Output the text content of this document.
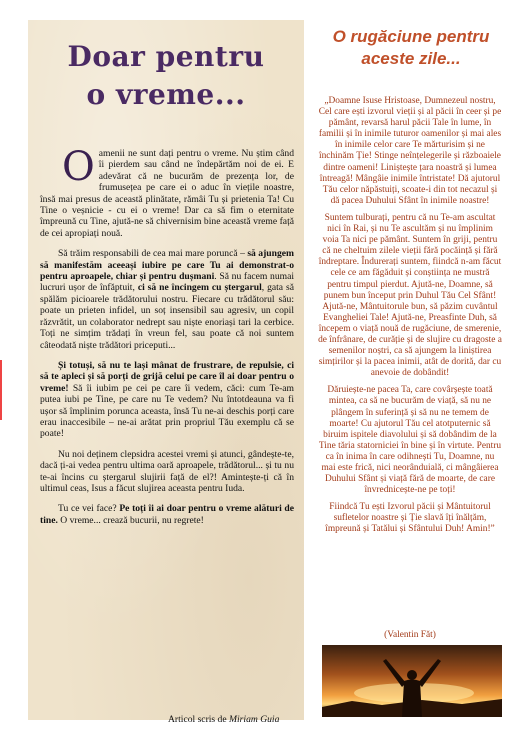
Doar pentru
o vreme...

Oamenii ne sunt dați pentru o vreme. Nu știm când îi pierdem sau când ne îndepărtăm noi de ei. E adevărat că ne bucurăm de prezența lor, de frumusețea pe care ei o aduc în viețile noastre, însă mai presus de această plinătate, rămâi Tu și prietenia Ta! Cu Tine o veșnicie - cu ei o vreme! Dar ca să fim o eternitate împreună cu Tine, ajută-ne să chivernisim bine această vreme față de cei apropiați nouă.

Să trăim responsabili de cea mai mare poruncă – să ajungem să manifestăm aceeași iubire pe care Tu ai demonstrat-o pentru aproapele, chiar și pentru dușmani. Să nu facem numai lucruri ușor de înfăptuit, ci să ne încingem cu ștergarul, gata să spălăm picioarele trădătorului nostru. Fiecare cu trădătorul său: poate un prieten infidel, un soț insensibil sau agresiv, un copil răzvrătit, un colaborator nedrept sau niște enoriași tari la cerbice. Toți ne simțim trădați în vreun fel, sau poate că noi suntem câteodată niște trădători priceputi...

Și totuși, să nu te lași mânat de frustrare, de repulsie, ci să te apleci și să porți de grijă celui pe care îl ai doar pentru o vreme! Să îi iubim pe cei pe care îi vedem, căci: cum Te-am putea iubi pe Tine, pe care nu Te vedem? Nu întotdeauna va fi ușor să împlinim porunca aceasta, însă Tu ne-ai deschis porți care erau inaccesibile – ne-ai arătat prin propriul Tău exemplu că se poate!

Nu noi deținem clepsidra acestei vremi și atunci, gândește-te, dacă ți-ai vedea pentru ultima oară aproapele, trădătorul... și tu nu te-ai încins cu ștergarul slujirii față de el?! Amintește-ți că în ultimul ceas, Isus a făcut slujirea aceasta pentru Iuda.

Tu ce vei face? Pe toți îi ai doar pentru o vreme alături de tine. O vreme... crează bucurii, nu regrete!

Articol scris de Miriam Guia
O rugăciune pentru
aceste zile...

„Doamne Isuse Hristoase, Dumnezeul nostru, Cel care ești izvorul vieții și al păcii în ceer și pe pământ, revarsă harul păcii Tale în lume, în familii și în inimile tuturor oamenilor și mai ales în inimile celor care Te mărturisim și ne închinăm Ție! Stinge neînțelegerile și războaiele dintre oameni! Liniștește țara noastră și lumea întreagă! Mângâie inimile întristate! Dă ajutorul Tău celor năpăstuiți, scoate-i din tot necazul și dă pacea Duhului Sfânt în inimile noastre!

Suntem tulburați, pentru că nu Te-am ascultat nici în Rai, și nu Te ascultăm și nu împlinim voia Ta nici pe pământ. Suntem în griji, pentru că ne cheltuim zilele vieții fără pocăință și fără îndreptare. Îndurerați suntem, fiindcă n-am făcut cele ce am făgăduit și conștiința ne mustră pentru timpul pierdut. Ajută-ne, Doamne, să punem bun început prin Duhul Tău Cel Sfânt! Ajută-ne, Mântuitorule bun, să păzim cuvântul Evangheliei Tale! Ajută-ne, Preasfinte Duh, să începem o viață nouă de rugăciune, de smerenie, de înfrânare, de curăție și de slujire cu dragoste a semenilor noștri, ca să ajungem la liniștirea simțirilor și la pacea inimii, atât de dorită, dar cu anevoie de dobândit!

Dăruiește-ne pacea Ta, care covârșește toată mintea, ca să ne bucurăm de viață, să nu ne plângem în suferință și să nu ne temem de moarte! Cu ajutorul Tău cel atotputernic să biruim ispitele diavolului și să dobândim de la Tine tăria statorniciei în bine și în virtute. Pentru ca în inima în care odihnești Tu, Doamne, nu mai este frică, nici neorânduială, ci mângâierea Duhului Sfânt și viață fără de moarte, de care învrednicește-ne pe toți!

Fiindcă Tu ești Izvorul păcii și Mântuitorul sufletelor noastre și Ție slavă îți înălțăm, împreună și Tatălui și Sfântului Duh! Amin!”

(Valentin Făt)
